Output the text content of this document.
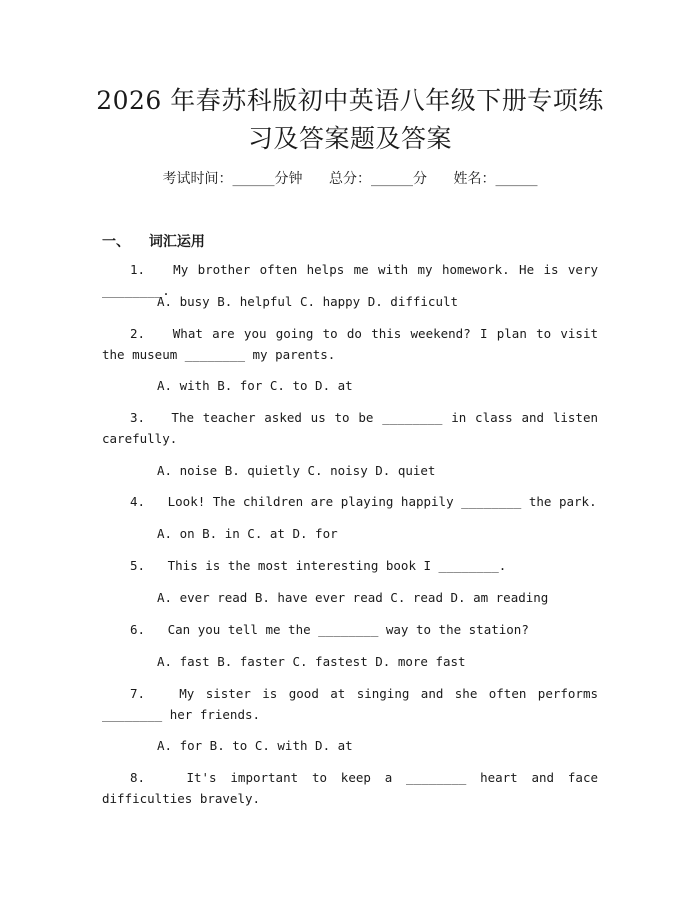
2026 年春苏科版初中英语八年级下册专项练
习及答案题及答案
考试时间：______分钟 总分：______分 姓名：______
一、 词汇运用
1.   My brother often helps me with my homework. He is very ________.
A. busy B. helpful C. happy D. difficult
2.   What are you going to do this weekend? I plan to visit the museum ________ my parents.
A. with B. for C. to D. at
3.   The teacher asked us to be ________ in class and listen carefully.
A. noise B. quietly C. noisy D. quiet
4.   Look! The children are playing happily ________ the park.
A. on B. in C. at D. for
5.   This is the most interesting book I ________.
A. ever read B. have ever read C. read D. am reading
6.   Can you tell me the ________ way to the station?
A. fast B. faster C. fastest D. more fast
7.   My sister is good at singing and she often performs ________ her friends.
A. for B. to C. with D. at
8.   It's important to keep a ________ heart and face difficulties bravely.
